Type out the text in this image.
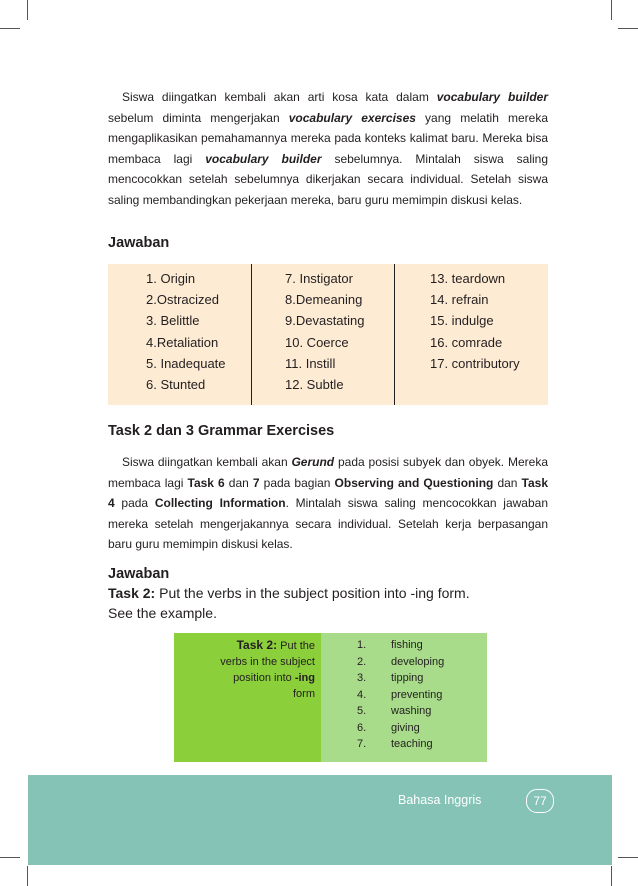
Siswa diingatkan kembali akan arti kosa kata dalam vocabulary builder sebelum diminta mengerjakan vocabulary exercises yang melatih mereka mengaplikasikan pemahamannya mereka pada konteks kalimat baru. Mereka bisa membaca lagi vocabulary builder sebelumnya. Mintalah siswa saling mencocokkan setelah sebelumnya dikerjakan secara individual. Setelah siswa saling membandingkan pekerjaan mereka, baru guru memimpin diskusi kelas.
Jawaban
1. Origin
2.Ostracized
3. Belittle
4.Retaliation
5. Inadequate
6. Stunted
7. Instigator
8.Demeaning
9.Devastating
10. Coerce
11. Instill
12. Subtle
13. teardown
14. refrain
15. indulge
16. comrade
17. contributory
Task 2 dan 3 Grammar Exercises
Siswa diingatkan kembali akan Gerund pada posisi subyek dan obyek. Mereka membaca lagi Task 6 dan 7 pada bagian Observing and Questioning dan Task 4 pada Collecting Information. Mintalah siswa saling mencocokkan jawaban mereka setelah mengerjakannya secara individual. Setelah kerja berpasangan baru guru memimpin diskusi kelas.
Jawaban
Task 2: Put the verbs in the subject position into -ing form.
See the example.
Task 2: Put the verbs in the subject position into -ing form
1.
2.
3.
4.
5.
6.
7.
fishing
developing
tipping
preventing
washing
giving
teaching
Bahasa Inggris	77
